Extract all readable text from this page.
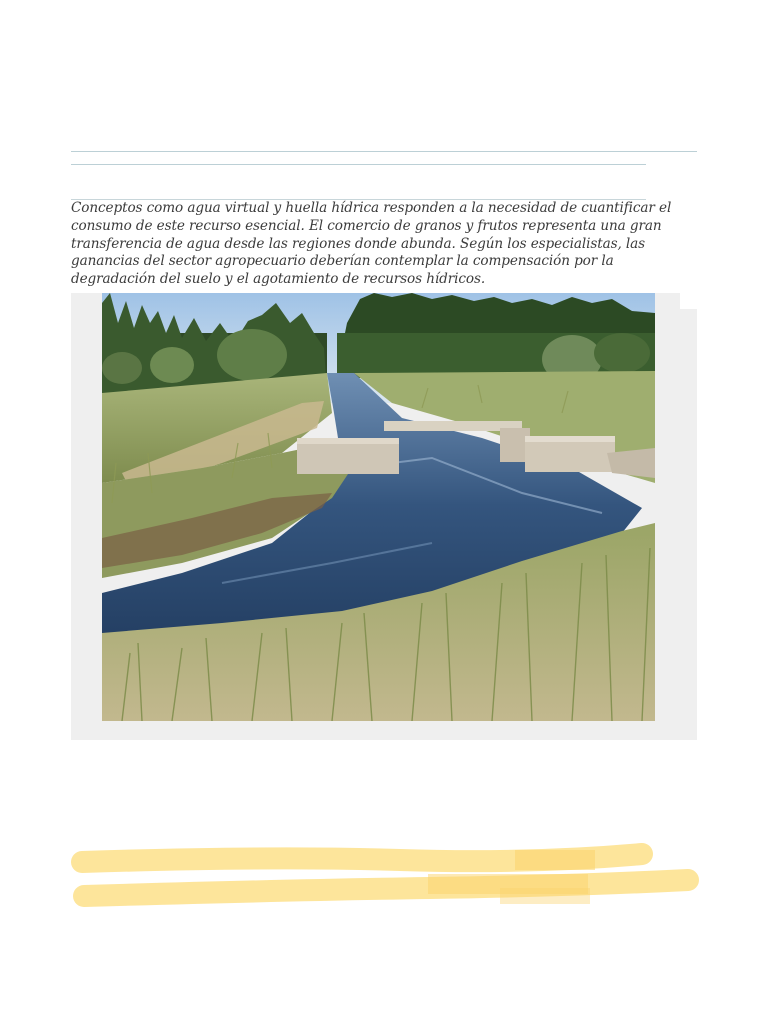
Conceptos como agua virtual y huella hídrica responden a la necesidad de cuantificar el consumo de este recurso esencial. El comercio de granos y frutos representa una gran transferencia de agua desde las regiones donde abunda. Según los especialistas, las ganancias del sector agropecuario deberían contemplar la compensación por la degradación del suelo y el agotamiento de recursos hídricos.
